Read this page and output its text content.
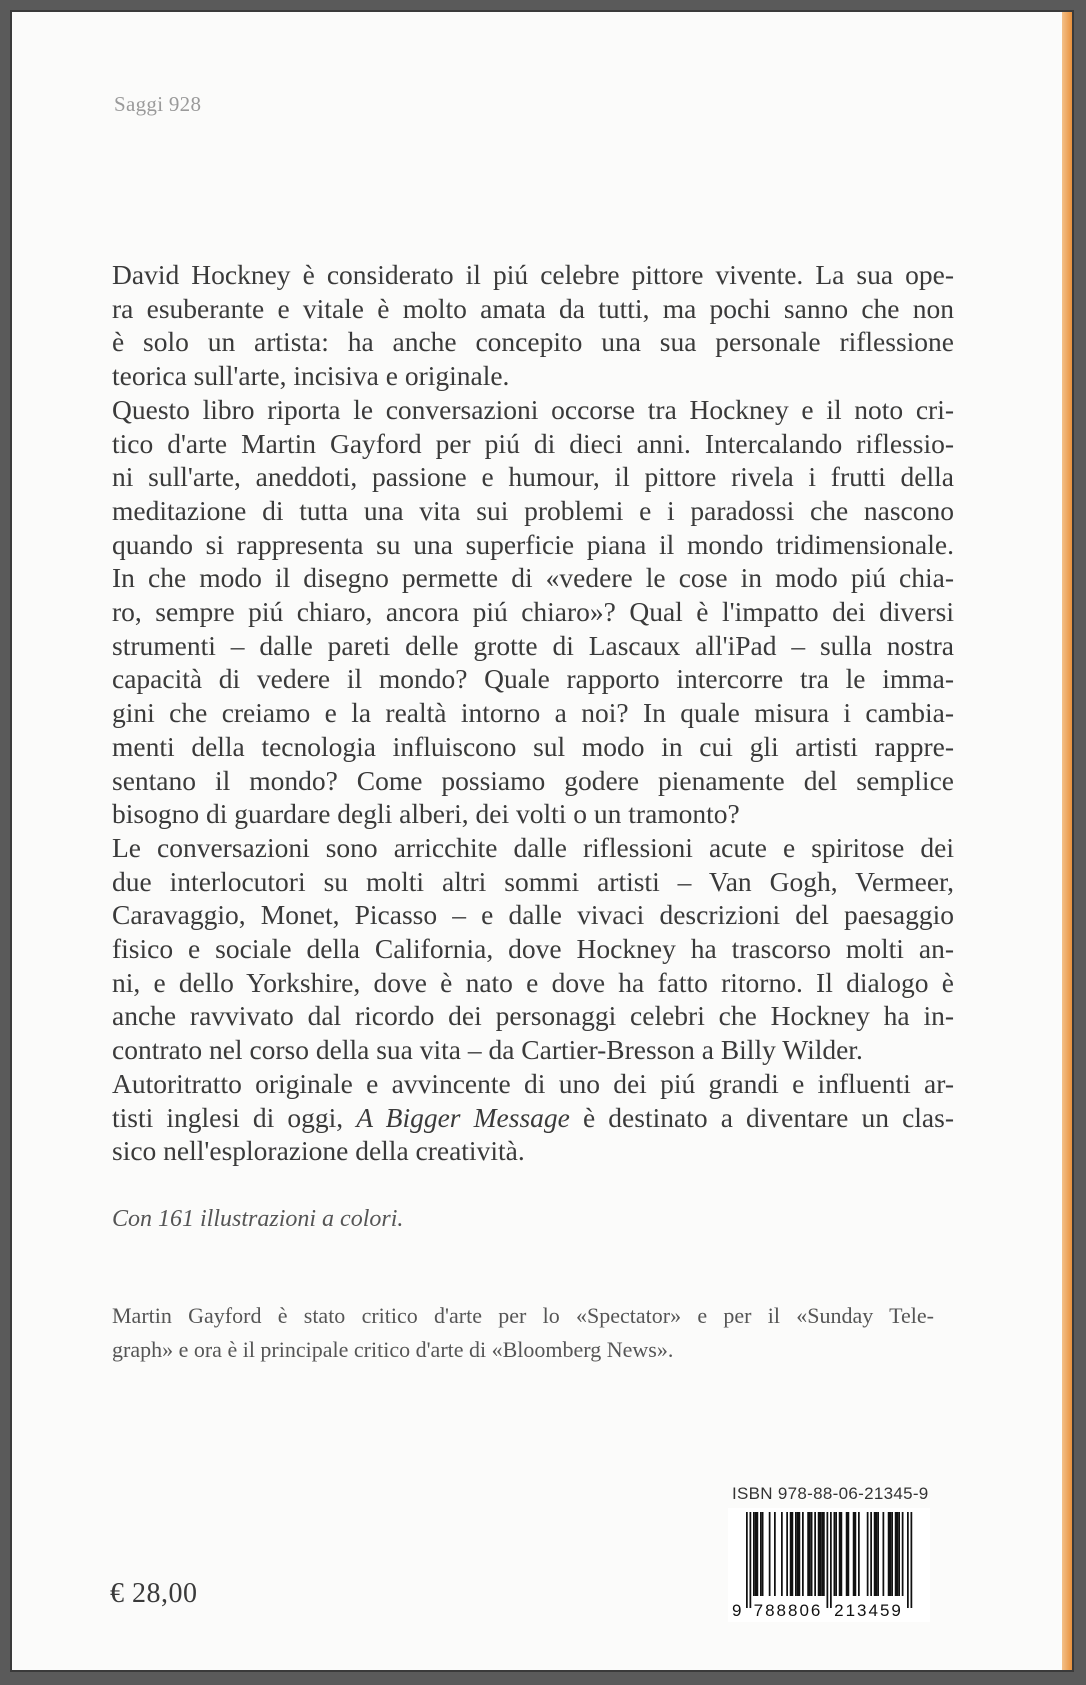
Saggi 928
David Hockney è considerato il piú celebre pittore vivente. La sua ope-
ra esuberante e vitale è molto amata da tutti, ma pochi sanno che non
è solo un artista: ha anche concepito una sua personale riflessione
teorica sull'arte, incisiva e originale.
Questo libro riporta le conversazioni occorse tra Hockney e il noto cri-
tico d'arte Martin Gayford per piú di dieci anni. Intercalando riflessio-
ni sull'arte, aneddoti, passione e humour, il pittore rivela i frutti della
meditazione di tutta una vita sui problemi e i paradossi che nascono
quando si rappresenta su una superficie piana il mondo tridimensionale.
In che modo il disegno permette di «vedere le cose in modo piú chia-
ro, sempre piú chiaro, ancora piú chiaro»? Qual è l'impatto dei diversi
strumenti – dalle pareti delle grotte di Lascaux all'iPad – sulla nostra
capacità di vedere il mondo? Quale rapporto intercorre tra le imma-
gini che creiamo e la realtà intorno a noi? In quale misura i cambia-
menti della tecnologia influiscono sul modo in cui gli artisti rappre-
sentano il mondo? Come possiamo godere pienamente del semplice
bisogno di guardare degli alberi, dei volti o un tramonto?
Le conversazioni sono arricchite dalle riflessioni acute e spiritose dei
due interlocutori su molti altri sommi artisti – Van Gogh, Vermeer,
Caravaggio, Monet, Picasso – e dalle vivaci descrizioni del paesaggio
fisico e sociale della California, dove Hockney ha trascorso molti an-
ni, e dello Yorkshire, dove è nato e dove ha fatto ritorno. Il dialogo è
anche ravvivato dal ricordo dei personaggi celebri che Hockney ha in-
contrato nel corso della sua vita – da Cartier-Bresson a Billy Wilder.
Autoritratto originale e avvincente di uno dei piú grandi e influenti ar-
tisti inglesi di oggi, A Bigger Message è destinato a diventare un clas-
sico nell'esplorazione della creatività.
Con 161 illustrazioni a colori.
Martin Gayford è stato critico d'arte per lo «Spectator» e per il «Sunday Tele-
graph» e ora è il principale critico d'arte di «Bloomberg News».
ISBN 978-88-06-21345-9
9 788806 213459
€ 28,00
